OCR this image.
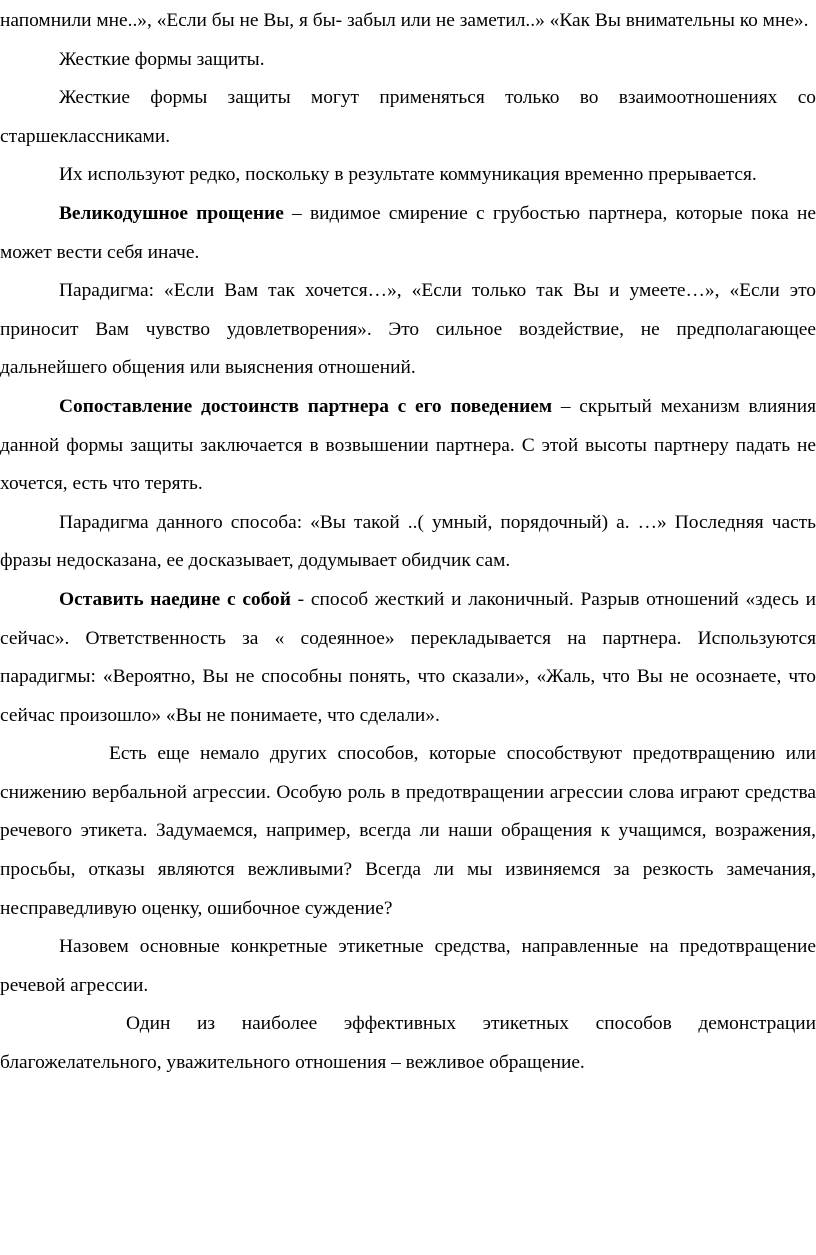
напомнили мне..», «Если бы не Вы, я бы- забыл или не заметил..» «Как Вы внимательны ко мне».

Жесткие формы защиты.

Жесткие формы защиты могут применяться только во взаимоотношениях со старшеклассниками.

Их используют редко, поскольку в результате коммуникация временно прерывается.

Великодушное прощение – видимое смирение с грубостью партнера, которые пока не может вести себя иначе.

Парадигма: «Если Вам так хочется…», «Если только так Вы и умеете…», «Если это приносит Вам чувство удовлетворения». Это сильное воздействие, не предполагающее дальнейшего общения или выяснения отношений.

Сопоставление достоинств партнера с его поведением – скрытый механизм влияния данной формы защиты заключается в возвышении партнера. С этой высоты партнеру падать не хочется, есть что терять.

Парадигма данного способа: «Вы такой ..( умный, порядочный) а. …» Последняя часть фразы недосказана, ее досказывает, додумывает обидчик сам.

Оставить наедине с собой - способ жесткий и лаконичный. Разрыв отношений «здесь и сейчас». Ответственность за « содеянное» перекладывается на партнера. Используются парадигмы: «Вероятно, Вы не способны понять, что сказали», «Жаль, что Вы не осознаете, что сейчас произошло» «Вы не понимаете, что сделали».

Есть еще немало других способов, которые способствуют предотвращению или снижению вербальной агрессии. Особую роль в предотвращении агрессии слова играют средства речевого этикета. Задумаемся, например, всегда ли наши обращения к учащимся, возражения, просьбы, отказы являются вежливыми? Всегда ли мы извиняемся за резкость замечания, несправедливую оценку, ошибочное суждение?

Назовем основные конкретные этикетные средства, направленные на предотвращение речевой агрессии.

Один из наиболее эффективных этикетных способов демонстрации благожелательного, уважительного отношения – вежливое обращение.
